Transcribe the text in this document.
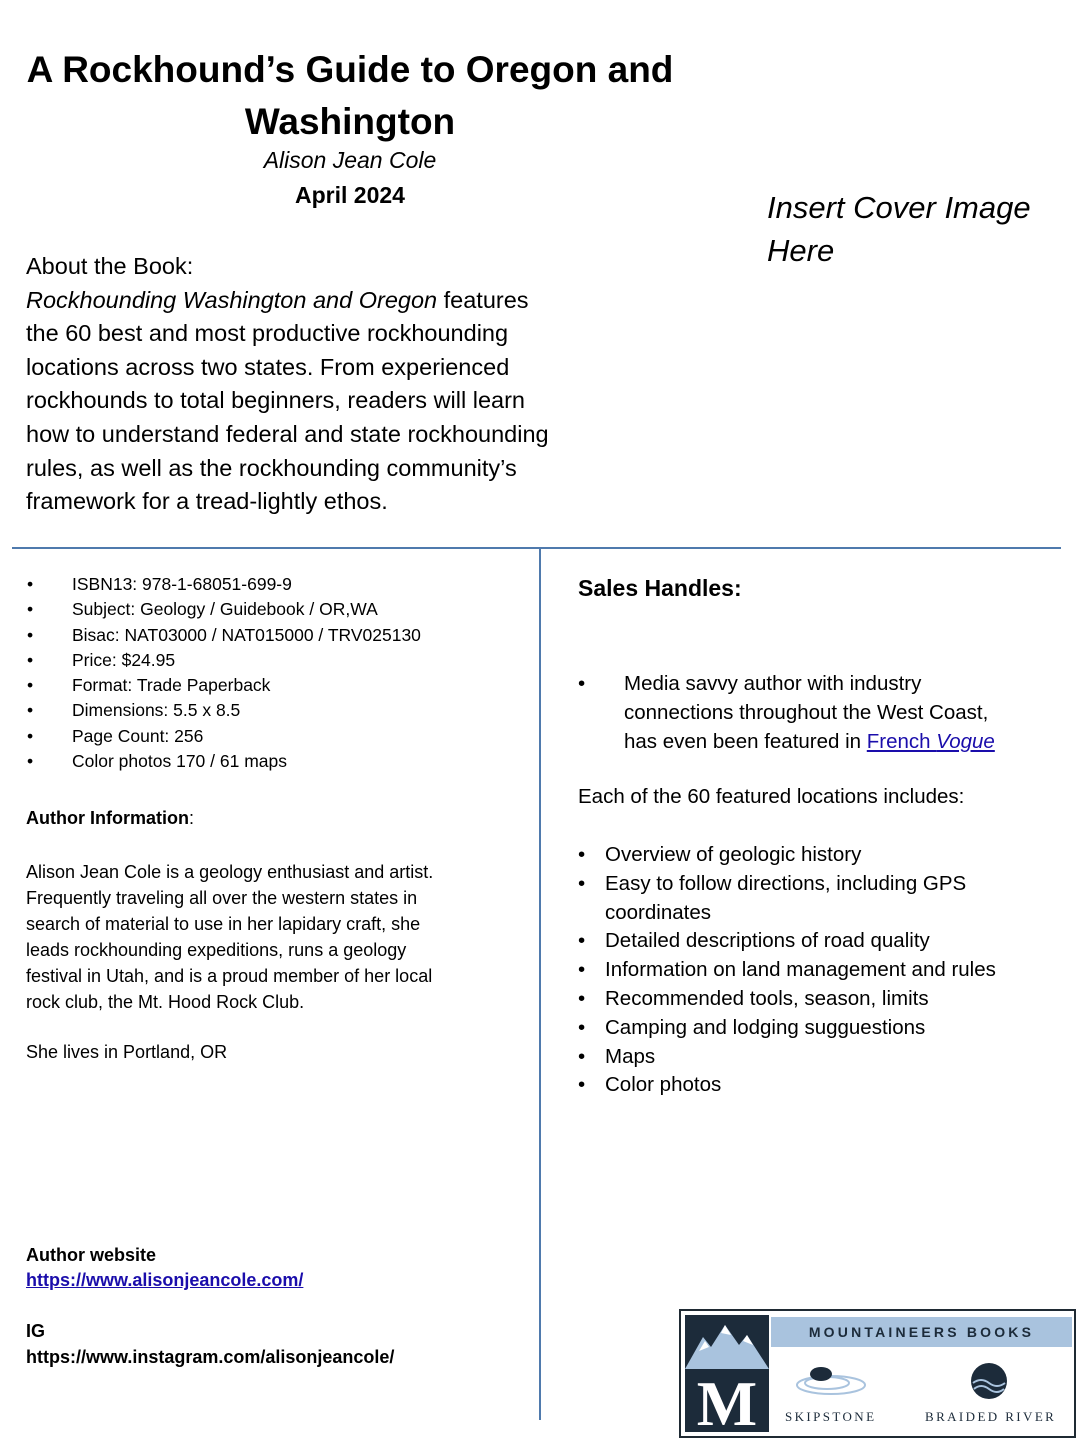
A Rockhound’s Guide to Oregon and
Washington
Alison Jean Cole
April 2024	Insert Cover Image
Here
About the Book:
Rockhounding Washington and Oregon features
the 60 best and most productive rockhounding
locations across two states. From experienced
rockhounds to total beginners, readers will learn
how to understand federal and state rockhounding
rules, as well as the rockhounding community’s
framework for a tread-lightly ethos.
• ISBN13: 978-1-68051-699-9
• Subject: Geology / Guidebook / OR,WA
• Bisac: NAT03000 / NAT015000 / TRV025130
• Price: $24.95
• Format: Trade Paperback
• Dimensions: 5.5 x 8.5
• Page Count: 256
• Color photos 170 / 61 maps
Author Information:
Alison Jean Cole is a geology enthusiast and artist.
Frequently traveling all over the western states in
search of material to use in her lapidary craft, she
leads rockhounding expeditions, runs a geology
festival in Utah, and is a proud member of her local
rock club, the Mt. Hood Rock Club.
She lives in Portland, OR
Author website
https://www.alisonjeancole.com/
IG
https://www.instagram.com/alisonjeancole/
Sales Handles:
• Media savvy author with industry
connections throughout the West Coast,
has even been featured in French Vogue
Each of the 60 featured locations includes:
• Overview of geologic history
• Easy to follow directions, including GPS
coordinates
• Detailed descriptions of road quality
• Information on land management and rules
• Recommended tools, season, limits
• Camping and lodging sugguestions
• Maps
• Color photos
M
MOUNTAINEERS BOOKS
SKIPSTONE	BRAIDED RIVER
